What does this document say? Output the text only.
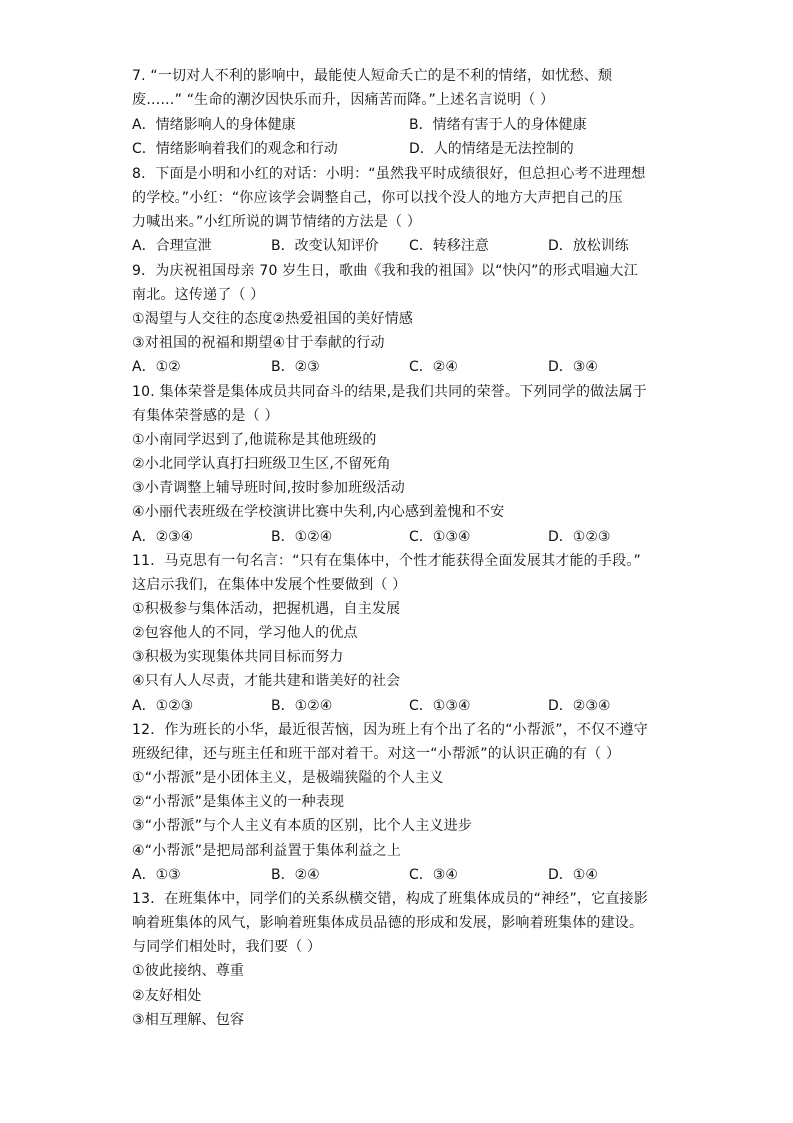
7. “一切对人不利的影响中，最能使人短命夭亡的是不利的情绪，如忧愁、颓
废……” “生命的潮汐因快乐而升，因痛苦而降。”上述名言说明（ ）
A．情绪影响人的身体健康	B．情绪有害于人的身体健康
C．情绪影响着我们的观念和行动	D．人的情绪是无法控制的
8．下面是小明和小红的对话：小明：“虽然我平时成绩很好，但总担心考不进理想
的学校。”小红：“你应该学会调整自己，你可以找个没人的地方大声把自己的压
力喊出来。”小红所说的调节情绪的方法是（ ）
A．合理宣泄	B．改变认知评价 C．转移注意	D．放松训练
9．为庆祝祖国母亲 70 岁生日，歌曲《我和我的祖国》以“快闪”的形式唱遍大江
南北。这传递了（ ）
①渴望与人交往的态度②热爱祖国的美好情感
③对祖国的祝福和期望④甘于奉献的行动
A．①②	B．②③	C．②④	D．③④
10. 集体荣誉是集体成员共同奋斗的结果,是我们共同的荣誉。下列同学的做法属于
有集体荣誉感的是（ ）
①小南同学迟到了,他谎称是其他班级的
②小北同学认真打扫班级卫生区,不留死角
③小青调整上辅导班时间,按时参加班级活动
④小丽代表班级在学校演讲比赛中失利,内心感到羞愧和不安
A．②③④	B．①②④	C．①③④	D．①②③
11．马克思有一句名言：“只有在集体中，个性才能获得全面发展其才能的手段。”
这启示我们，在集体中发展个性要做到（ ）
①积极参与集体活动，把握机遇，自主发展
②包容他人的不同，学习他人的优点
③积极为实现集体共同目标而努力
④只有人人尽责，才能共建和谐美好的社会
A．①②③	B．①②④	C．①③④	D．②③④
12．作为班长的小华，最近很苦恼，因为班上有个出了名的“小帮派”，不仅不遵守
班级纪律，还与班主任和班干部对着干。对这一“小帮派”的认识正确的有（ ）
①“小帮派”是小团体主义，是极端狭隘的个人主义
②“小帮派”是集体主义的一种表现
③“小帮派”与个人主义有本质的区别，比个人主义进步
④“小帮派”是把局部利益置于集体利益之上
A．①③	B．②④	C．③④	D．①④
13．在班集体中，同学们的关系纵横交错，构成了班集体成员的“神经”，它直接影
响着班集体的风气，影响着班集体成员品德的形成和发展，影响着班集体的建设。
与同学们相处时，我们要（ ）
①彼此接纳、尊重
②友好相处
③相互理解、包容
